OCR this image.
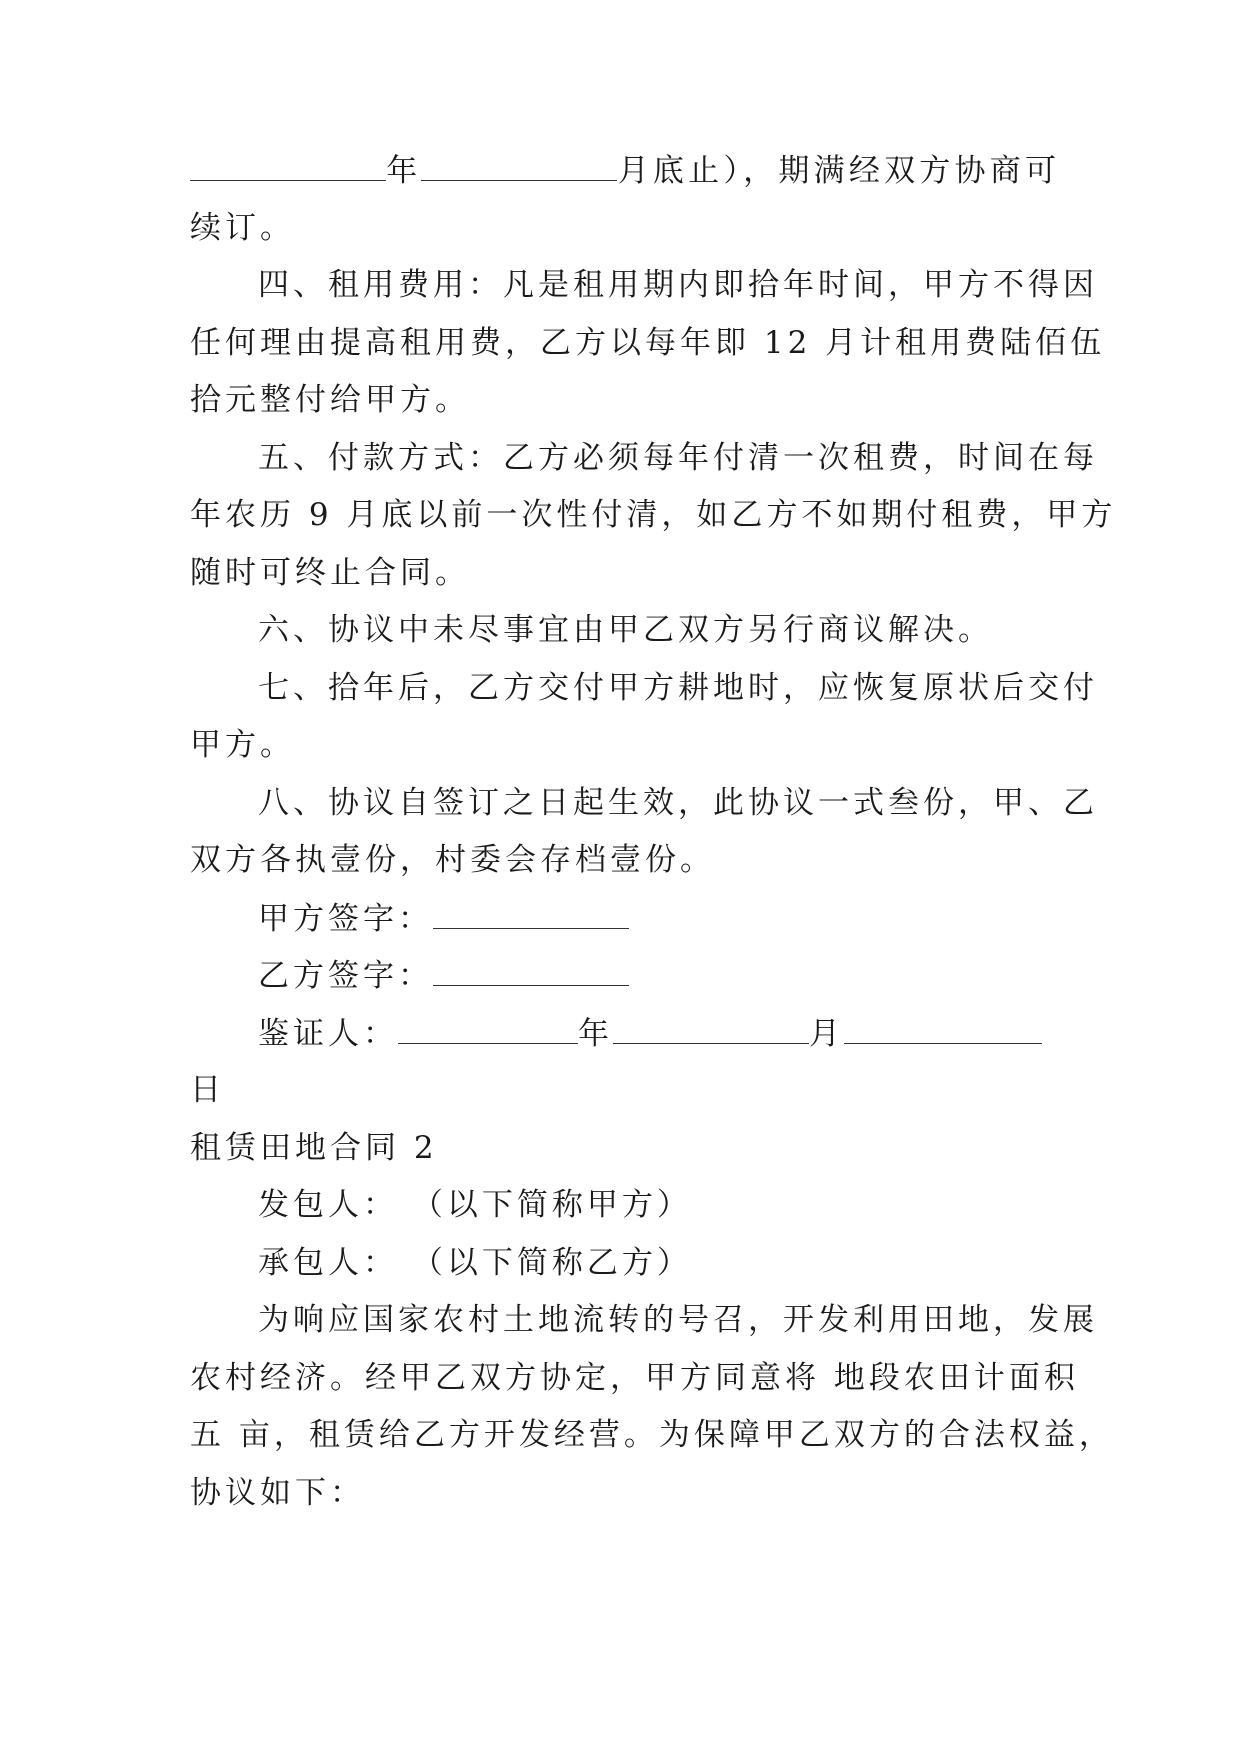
年	月底止），期满经双方协商可
续订。
四、租用费用：凡是租用期内即拾年时间，甲方不得因
任何理由提高租用费，乙方以每年即 12 月计租用费陆佰伍
拾元整付给甲方。
五、付款方式：乙方必须每年付清一次租费，时间在每
年农历 9 月底以前一次性付清，如乙方不如期付租费，甲方
随时可终止合同。
六、协议中未尽事宜由甲乙双方另行商议解决。
七、拾年后，乙方交付甲方耕地时，应恢复原状后交付
甲方。
八、协议自签订之日起生效，此协议一式叁份，甲、乙
双方各执壹份，村委会存档壹份。
甲方签字：
乙方签字：
鉴证人：	年	月
日
租赁田地合同 2
发包人： （以下简称甲方）
承包人： （以下简称乙方）
为响应国家农村土地流转的号召，开发利用田地，发展
农村经济。经甲乙双方协定，甲方同意将 地段农田计面积
五 亩，租赁给乙方开发经营。为保障甲乙双方的合法权益，
协议如下：
